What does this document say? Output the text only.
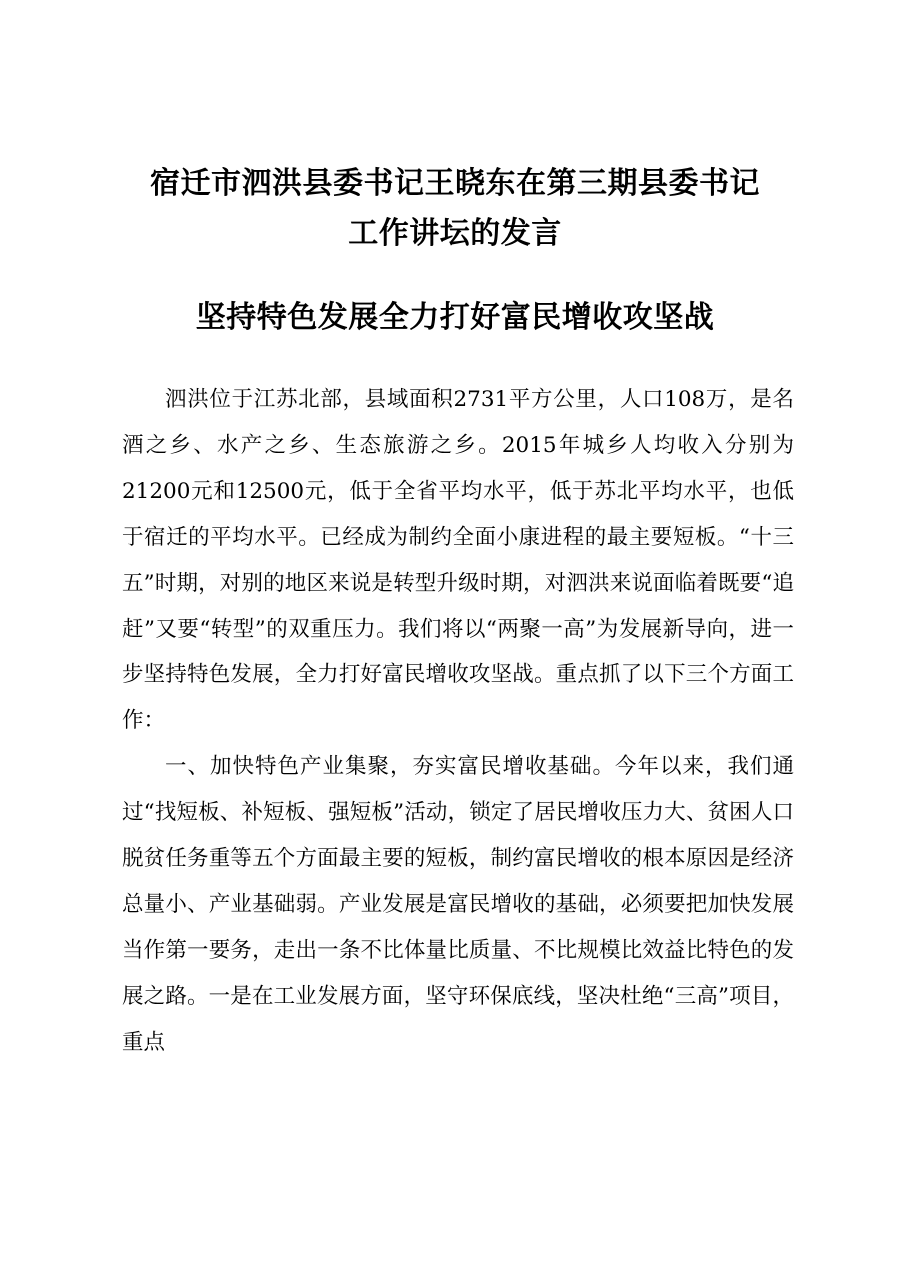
宿迁市泗洪县委书记王晓东在第三期县委书记
工作讲坛的发言
坚持特色发展全力打好富民增收攻坚战

泗洪位于江苏北部，县域面积2731平方公里，人口108万，是名酒之乡、水产之乡、生态旅游之乡。2015年城乡人均收入分别为21200元和12500元，低于全省平均水平，低于苏北平均水平，也低于宿迁的平均水平。已经成为制约全面小康进程的最主要短板。“十三五”时期，对别的地区来说是转型升级时期，对泗洪来说面临着既要“追赶”又要“转型”的双重压力。我们将以“两聚一高”为发展新导向，进一步坚持特色发展，全力打好富民增收攻坚战。重点抓了以下三个方面工作：

一、加快特色产业集聚，夯实富民增收基础。今年以来，我们通过“找短板、补短板、强短板”活动，锁定了居民增收压力大、贫困人口脱贫任务重等五个方面最主要的短板，制约富民增收的根本原因是经济总量小、产业基础弱。产业发展是富民增收的基础，必须要把加快发展当作第一要务，走出一条不比体量比质量、不比规模比效益比特色的发展之路。一是在工业发展方面，坚守环保底线，坚决杜绝“三高”项目，重点
